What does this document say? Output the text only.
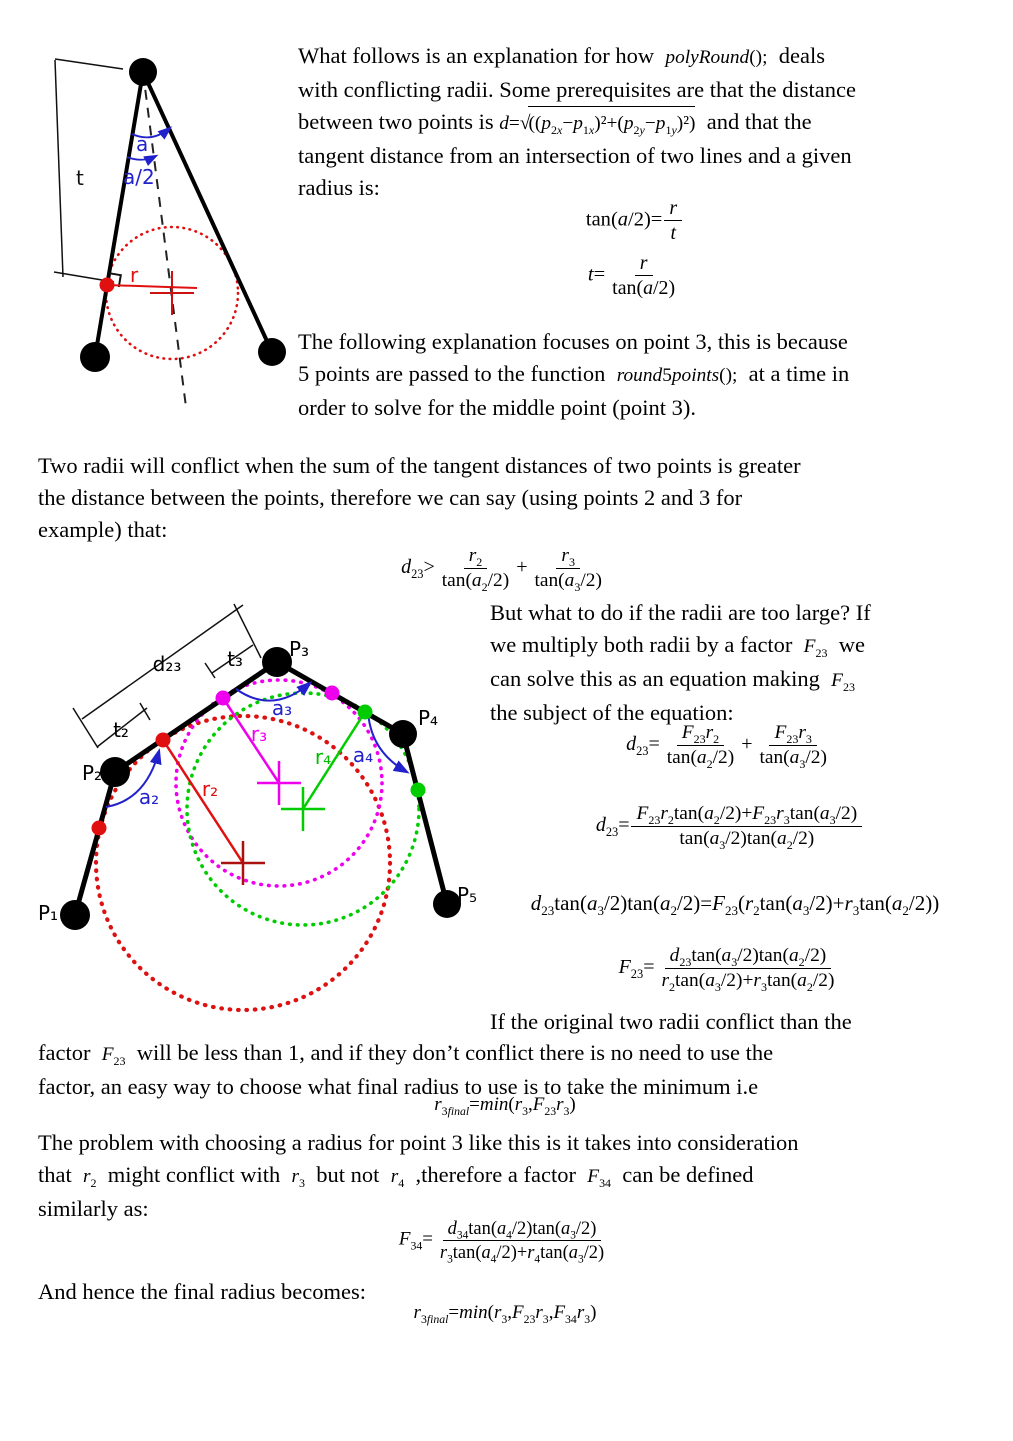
t
a
a/2
r
P₁
P₂
P₃
P₄
P₅
d₂₃ t₃
t₂
a₂
a₃
a₄
r₂
r₃
r₄
What follows is an explanation for how  polyRound();  deals
with conflicting radii. Some prerequisites are that the distance
between two points is $d=√((p_{2x}-p_{1x})^2+(p_{2y}-p_{1y})^2)$  and that the
tangent distance from an intersection of two lines and a given
radius is:
$\tan(a/2)= \frac{r}{t}$
$t= \frac{r}{\tan(a/2)}$
The following explanation focuses on point 3, this is because
5 points are passed to the function  round5points();  at a time in
order to solve for the middle point (point 3).
Two radii will conflict when the sum of the tangent distances of two points is greater
the distance between the points, therefore we can say (using points 2 and 3 for
example) that:
$d_{23}> \frac{r_2}{\tan(a_2/2)} + \frac{r_3}{\tan(a_3/2)}$
But what to do if the radii are too large? If
we multiply both radii by a factor  $F_{23}$  we
can solve this as an equation making  $F_{23}$
the subject of the equation:
$d_{23}= \frac{F_{23}r_2}{\tan(a_2/2)} + \frac{F_{23}r_3}{\tan(a_3/2)}$
$d_{23}= \frac{F_{23}r_2\tan(a_2/2)+F_{23}r_3\tan(a_3/2)}{\tan(a_3/2)\tan(a_2/2)}$
$d_{23}\tan(a_3/2)\tan(a_2/2)=F_{23}(r_2\tan(a_3/2)+r_3\tan(a_2/2))$
$F_{23}= \frac{d_{23}\tan(a_3/2)\tan(a_2/2)}{r_2\tan(a_3/2)+r_3\tan(a_2/2)}$
If the original two radii conflict than the
factor  $F_{23}$  will be less than 1, and if they don’t conflict there is no need to use the
factor, an easy way to choose what final radius to use is to take the minimum i.e
$r_{3final}=\min(r_3,F_{23}r_3)$
The problem with choosing a radius for point 3 like this is it takes into consideration
that  $r_2$  might conflict with  $r_3$  but not  $r_4$  ,therefore a factor  $F_{34}$  can be defined
similarly as:
$F_{34}= \frac{d_{34}\tan(a_4/2)\tan(a_3/2)}{r_3\tan(a_4/2)+r_4\tan(a_3/2)}$
And hence the final radius becomes:
$r_{3final}=\min(r_3,F_{23}r_3,F_{34}r_3)$
